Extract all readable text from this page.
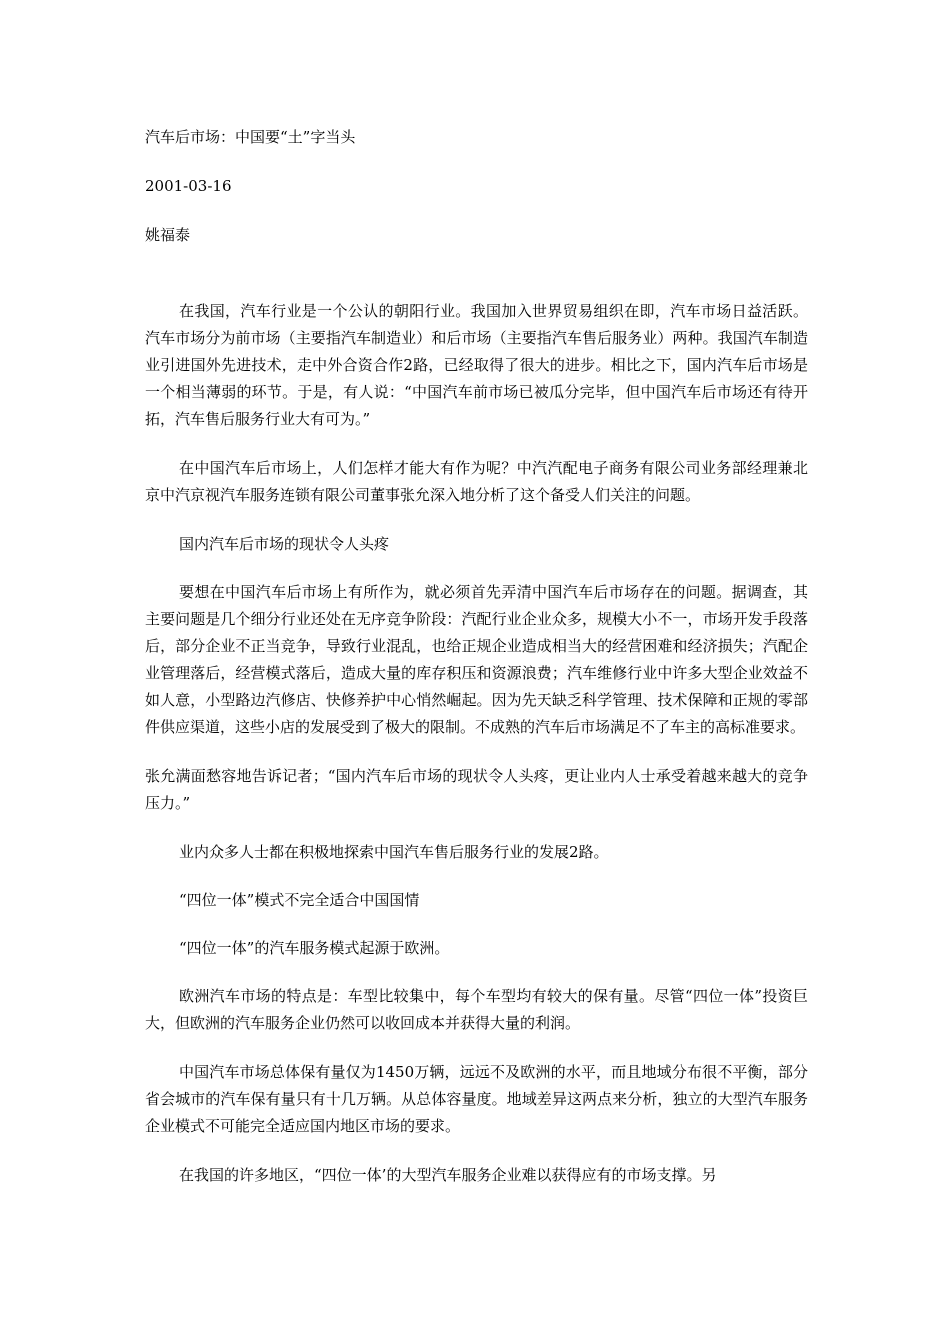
汽车后市场：中国要“土”字当头

2001-03-16

姚福泰

在我国，汽车行业是一个公认的朝阳行业。我国加入世界贸易组织在即，汽车市场日益活跃。汽车市场分为前市场（主要指汽车制造业）和后市场（主要指汽车售后服务业）两种。我国汽车制造业引进国外先进技术，走中外合资合作2路，已经取得了很大的进步。相比之下，国内汽车后市场是一个相当薄弱的环节。于是，有人说：“中国汽车前市场已被瓜分完毕，但中国汽车后市场还有待开拓，汽车售后服务行业大有可为。”

在中国汽车后市场上，人们怎样才能大有作为呢？中汽汽配电子商务有限公司业务部经理兼北京中汽京视汽车服务连锁有限公司董事张允深入地分析了这个备受人们关注的问题。

国内汽车后市场的现状令人头疼

要想在中国汽车后市场上有所作为，就必须首先弄清中国汽车后市场存在的问题。据调查，其主要问题是几个细分行业还处在无序竞争阶段：汽配行业企业众多，规模大小不一，市场开发手段落后，部分企业不正当竞争，导致行业混乱，也给正规企业造成相当大的经营困难和经济损失；汽配企业管理落后，经营模式落后，造成大量的库存积压和资源浪费；汽车维修行业中许多大型企业效益不如人意，小型路边汽修店、快修养护中心悄然崛起。因为先天缺乏科学管理、技术保障和正规的零部件供应渠道，这些小店的发展受到了极大的限制。不成熟的汽车后市场满足不了车主的高标准要求。

张允满面愁容地告诉记者；“国内汽车后市场的现状令人头疼，更让业内人士承受着越来越大的竞争压力。”

业内众多人士都在积极地探索中国汽车售后服务行业的发展2路。

“四位一体”模式不完全适合中国国情

“四位一体”的汽车服务模式起源于欧洲。

欧洲汽车市场的特点是：车型比较集中，每个车型均有较大的保有量。尽管“四位一体”投资巨大，但欧洲的汽车服务企业仍然可以收回成本并获得大量的利润。

中国汽车市场总体保有量仅为1450万辆，远远不及欧洲的水平，而且地域分布很不平衡，部分省会城市的汽车保有量只有十几万辆。从总体容量度。地域差异这两点来分析，独立的大型汽车服务企业模式不可能完全适应国内地区市场的要求。

在我国的许多地区，“四位一体’的大型汽车服务企业难以获得应有的市场支撑。另
